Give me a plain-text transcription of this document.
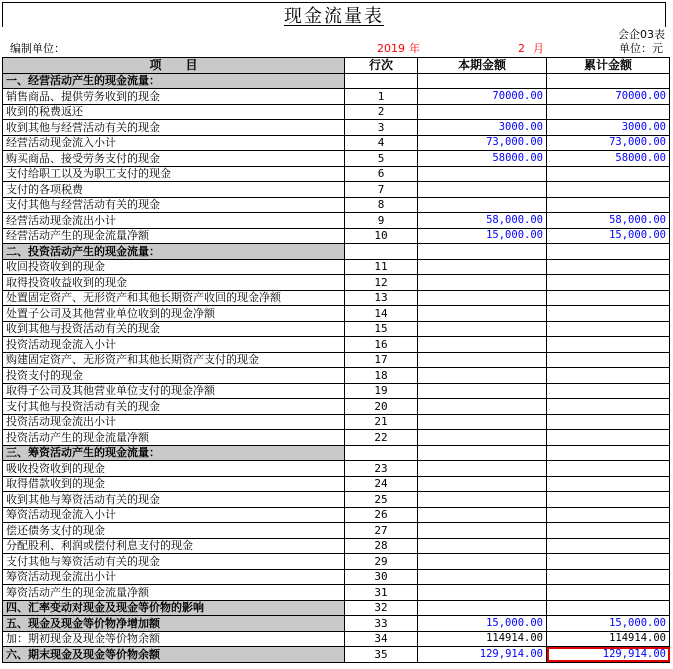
现金流量表
会企03表
编制单位：	2019 年	2 月	单位：元
项　　目	行次	本期金额	累计金额
一、经营活动产生的现金流量：			
销售商品、提供劳务收到的现金	1	70000.00	70000.00
收到的税费返还	2		
收到其他与经营活动有关的现金	3	3000.00	3000.00
经营活动现金流入小计	4	73,000.00	73,000.00
购买商品、接受劳务支付的现金	5	58000.00	58000.00
支付给职工以及为职工支付的现金	6		
支付的各项税费	7		
支付其他与经营活动有关的现金	8		
经营活动现金流出小计	9	58,000.00	58,000.00
经营活动产生的现金流量净额	10	15,000.00	15,000.00
二、投资活动产生的现金流量：			
收回投资收到的现金	11		
取得投资收益收到的现金	12		
处置固定资产、无形资产和其他长期资产收回的现金净额	13		
处置子公司及其他营业单位收到的现金净额	14		
收到其他与投资活动有关的现金	15		
投资活动现金流入小计	16		
购建固定资产、无形资产和其他长期资产支付的现金	17		
投资支付的现金	18		
取得子公司及其他营业单位支付的现金净额	19		
支付其他与投资活动有关的现金	20		
投资活动现金流出小计	21		
投资活动产生的现金流量净额	22		
三、筹资活动产生的现金流量：			
吸收投资收到的现金	23		
取得借款收到的现金	24		
收到其他与筹资活动有关的现金	25		
筹资活动现金流入小计	26		
偿还债务支付的现金	27		
分配股利、利润或偿付利息支付的现金	28		
支付其他与筹资活动有关的现金	29		
筹资活动现金流出小计	30		
筹资活动产生的现金流量净额	31		
四、汇率变动对现金及现金等价物的影响	32		
五、现金及现金等价物净增加额	33	15,000.00	15,000.00
加：期初现金及现金等价物余额	34	114914.00	114914.00
六、期末现金及现金等价物余额	35	129,914.00	129,914.00
